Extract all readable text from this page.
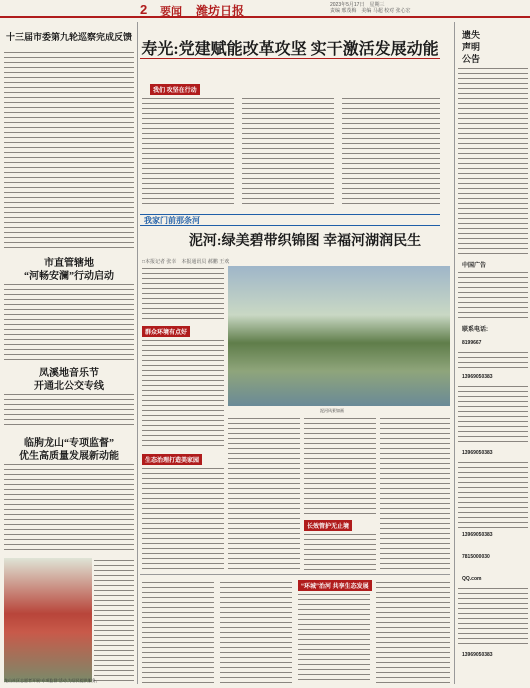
2 要闻 潍坊日报	2023年5月17日　星期三
责编 邢茂梅　美编 马超 校对 张心宏
十三届市委第九轮巡察完成反馈
市直管辖地
“河畅安澜”行动启动
凤溪地音乐节
开通北公交专线
临朐龙山“专项监督”
优生高质量发展新动能
寿光:党建赋能改革攻坚 实干激活发展动能
我们 攻坚在行动
我家门前那条河
泥河:绿美碧带织锦图 幸福河湖润民生
□本报记者 张幸　本报通讯员 郝鹏 王欢
群众环境有点好
生态治理打造美家园
泥河风景如画
长效管护无止境
“环城”治河 共享生态发展
遗失
声明
公告
中国广告
联系电话:
8199667
13969050383
13969050383
13969050383
7815000030
QQ.com
13969050383
龙山社区志愿者开展“专项监督”活动,为居民提供服务。
